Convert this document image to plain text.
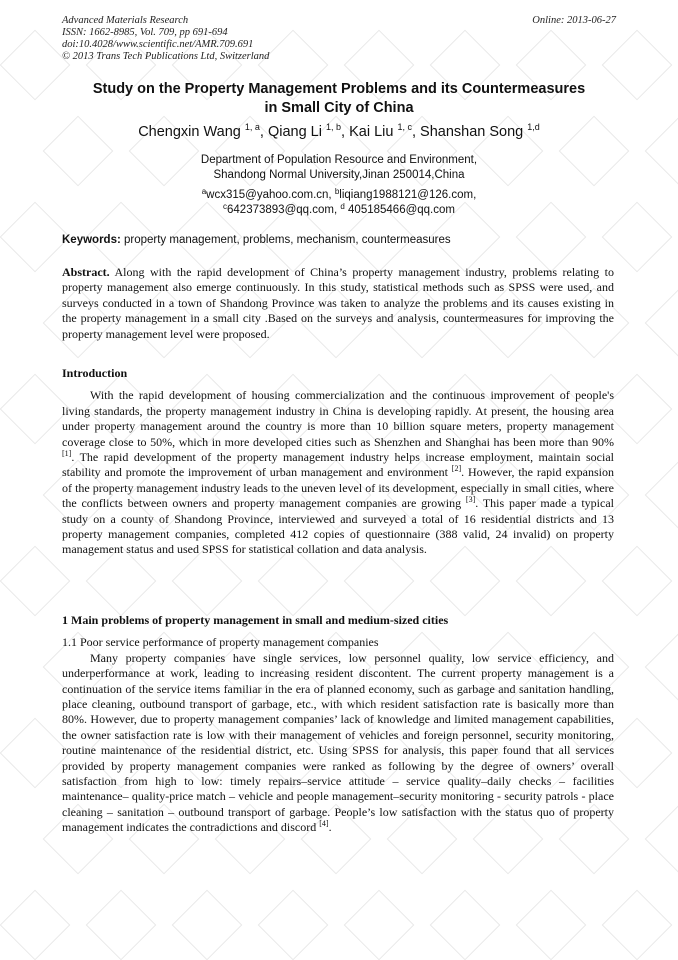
Advanced Materials Research
ISSN: 1662-8985, Vol. 709, pp 691-694
doi:10.4028/www.scientific.net/AMR.709.691
© 2013 Trans Tech Publications Ltd, Switzerland
Online: 2013-06-27
Study on the Property Management Problems and its Countermeasures
in Small City of China
Chengxin Wang $^{1, a}$, Qiang Li $^{1, b}$, Kai Liu $^{1, c}$, Shanshan Song $^{1,d}$
Department of Population Resource and Environment,
Shandong Normal University,Jinan 250014,China
$^a$wcx315@yahoo.com.cn, $^b$liqiang1988121@126.com,
$^c$642373893@qq.com, $^d$ 405185466@qq.com
Keywords: property management, problems, mechanism, countermeasures

Abstract. Along with the rapid development of China’s property management industry, problems relating to property management also emerge continuously. In this study, statistical methods such as SPSS were used, and surveys conducted in a town of Shandong Province was taken to analyze the problems and its causes existing in the property management in a small city .Based on the surveys and analysis, countermeasures for improving the property management level were proposed.

Introduction

With the rapid development of housing commercialization and the continuous improvement of people's living standards, the property management industry in China is developing rapidly. At present, the housing area under property management around the country is more than 10 billion square meters, property management coverage close to 50%, which in more developed cities such as Shenzhen and Shanghai has been more than 90%[1]. The rapid development of the property management industry helps increase employment, maintain social stability and promote the improvement of urban management and environment [2]. However, the rapid expansion of the property management industry leads to the uneven level of its development, especially in small cities, where the conflicts between owners and property management companies are growing [3]. This paper made a typical study on a county of Shandong Province, interviewed and surveyed a total of 16 residential districts and 13 property management companies, completed 412 copies of questionnaire (388 valid, 24 invalid) on property management status and used SPSS for statistical collation and data analysis.

1 Main problems of property management in small and medium-sized cities

1.1 Poor service performance of property management companies

Many property companies have single services, low personnel quality, low service efficiency, and underperformance at work, leading to increasing resident discontent. The current property management is a continuation of the service items familiar in the era of planned economy, such as garbage and sanitation handling, place cleaning, outbound transport of garbage, etc., with which resident satisfaction rate is basically more than 80%. However, due to property management companies’ lack of knowledge and limited management capabilities, the owner satisfaction rate is low with their management of vehicles and foreign personnel, security monitoring, routine maintenance of the residential district, etc. Using SPSS for analysis, this paper found that all services provided by property management companies were ranked as following by the degree of owners’ overall satisfaction from high to low: timely repairs–service attitude – service quality–daily checks – facilities maintenance– quality-price match – vehicle and people management–security monitoring - security patrols - place cleaning – sanitation – outbound transport of garbage. People’s low satisfaction with the status quo of property management indicates the contradictions and discord [4].
